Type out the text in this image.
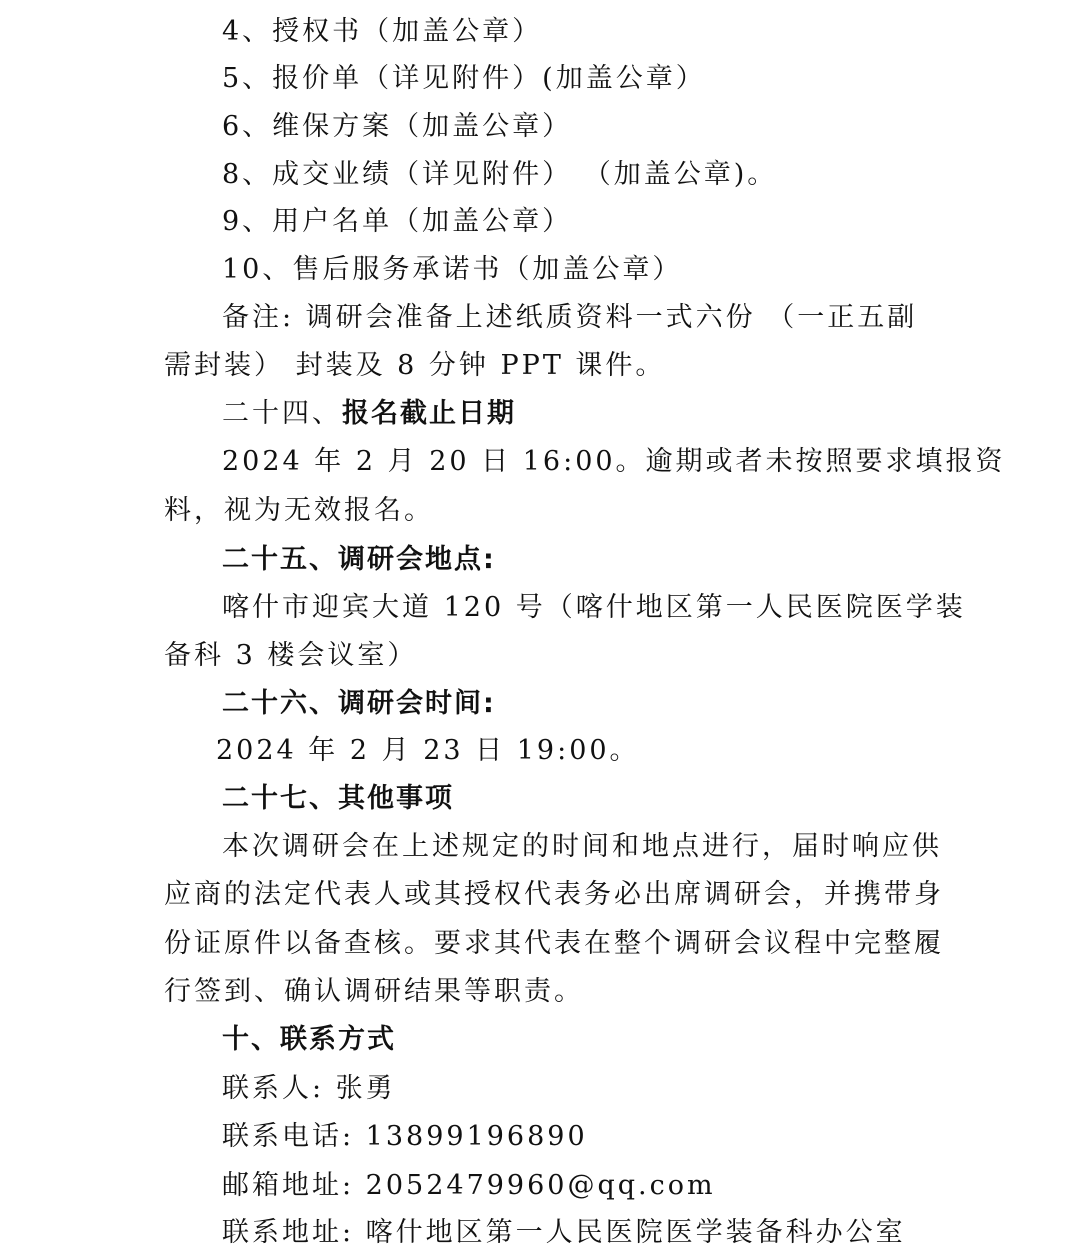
4、授权书（加盖公章）
5、报价单（详见附件）(加盖公章）
6、维保方案（加盖公章）
8、成交业绩（详见附件） （加盖公章)。
9、用户名单（加盖公章）
10、售后服务承诺书（加盖公章）
备注: 调研会准备上述纸质资料一式六份 （一正五副
需封装） 封装及 8 分钟 PPT 课件。
二十四、报名截止日期
2024 年 2 月 20 日 16:00。逾期或者未按照要求填报资
料，视为无效报名。
二十五、调研会地点:
喀什市迎宾大道 120 号（喀什地区第一人民医院医学装
备科 3 楼会议室）
二十六、调研会时间:
2024 年 2 月 23 日 19:00。
二十七、其他事项
本次调研会在上述规定的时间和地点进行，届时响应供
应商的法定代表人或其授权代表务必出席调研会，并携带身
份证原件以备查核。要求其代表在整个调研会议程中完整履
行签到、确认调研结果等职责。
十、联系方式
联系人: 张勇
联系电话: 13899196890
邮箱地址: 2052479960@qq.com
联系地址: 喀什地区第一人民医院医学装备科办公室
